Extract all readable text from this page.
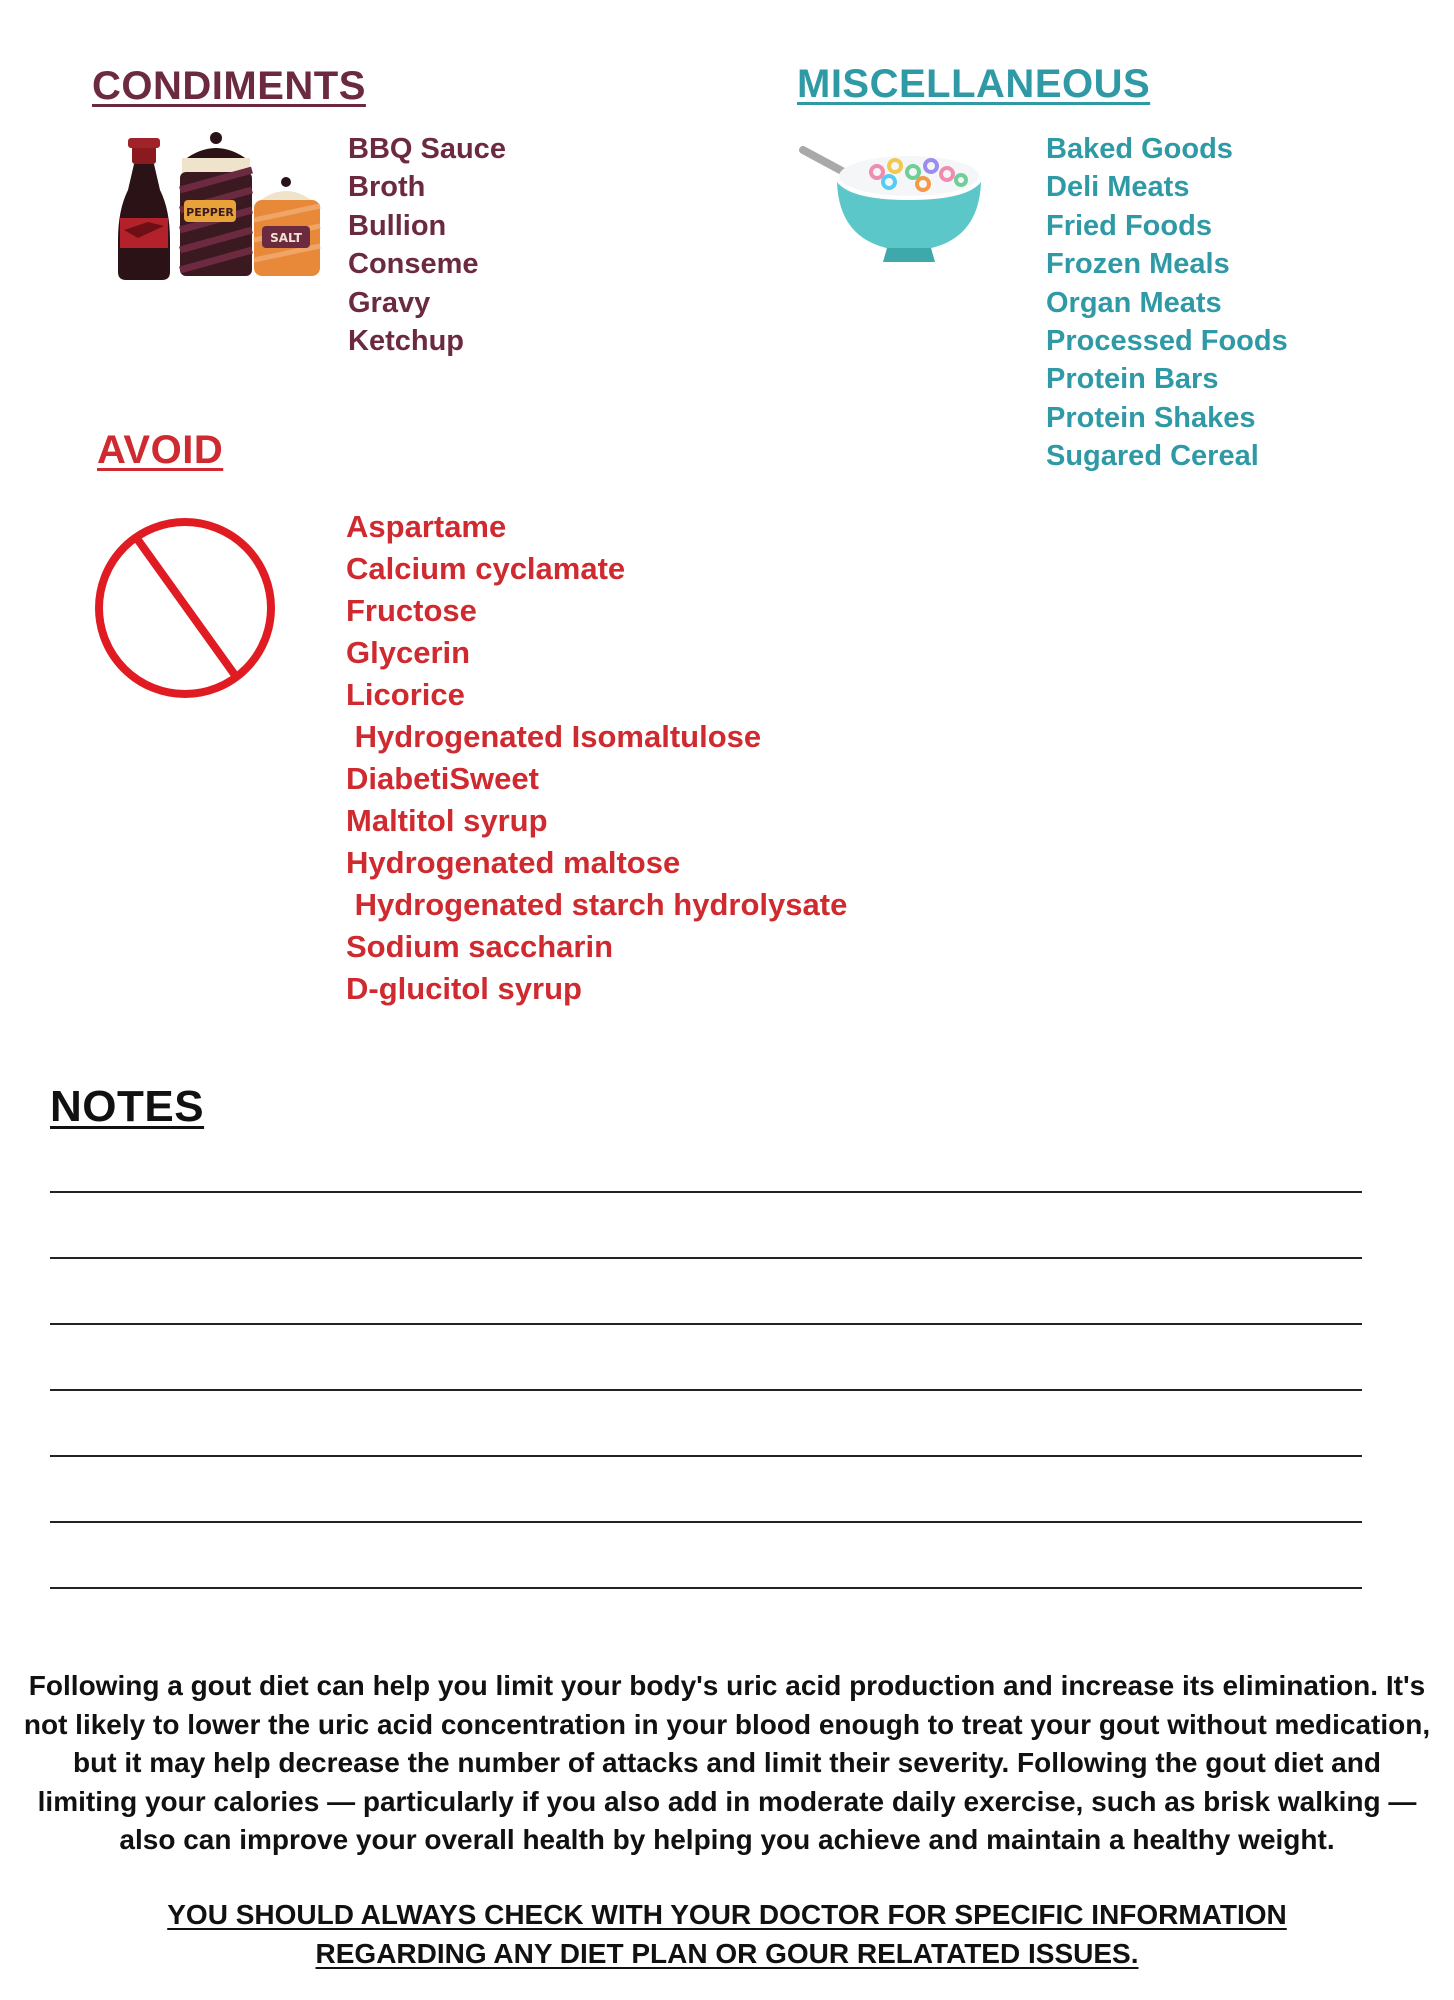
CONDIMENTS
PEPPER
SALT
BBQ Sauce
Broth
Bullion
Conseme
Gravy
Ketchup
MISCELLANEOUS
Baked Goods
Deli Meats
Fried Foods
Frozen Meals
Organ Meats
Processed Foods
Protein Bars
Protein Shakes
Sugared Cereal
AVOID
Aspartame
Calcium cyclamate
Fructose
Glycerin
Licorice
Hydrogenated Isomaltulose
DiabetiSweet
Maltitol syrup
Hydrogenated maltose
Hydrogenated starch hydrolysate
Sodium saccharin
D-glucitol syrup
NOTES

Following a gout diet can help you limit your body's uric acid production and increase its elimination. It's not likely to lower the uric acid concentration in your blood enough to treat your gout without medication, but it may help decrease the number of attacks and limit their severity. Following the gout diet and limiting your calories — particularly if you also add in moderate daily exercise, such as brisk walking — also can improve your overall health by helping you achieve and maintain a healthy weight.

YOU SHOULD ALWAYS CHECK WITH YOUR DOCTOR FOR SPECIFIC INFORMATION REGARDING ANY DIET PLAN OR GOUR RELATATED ISSUES.
